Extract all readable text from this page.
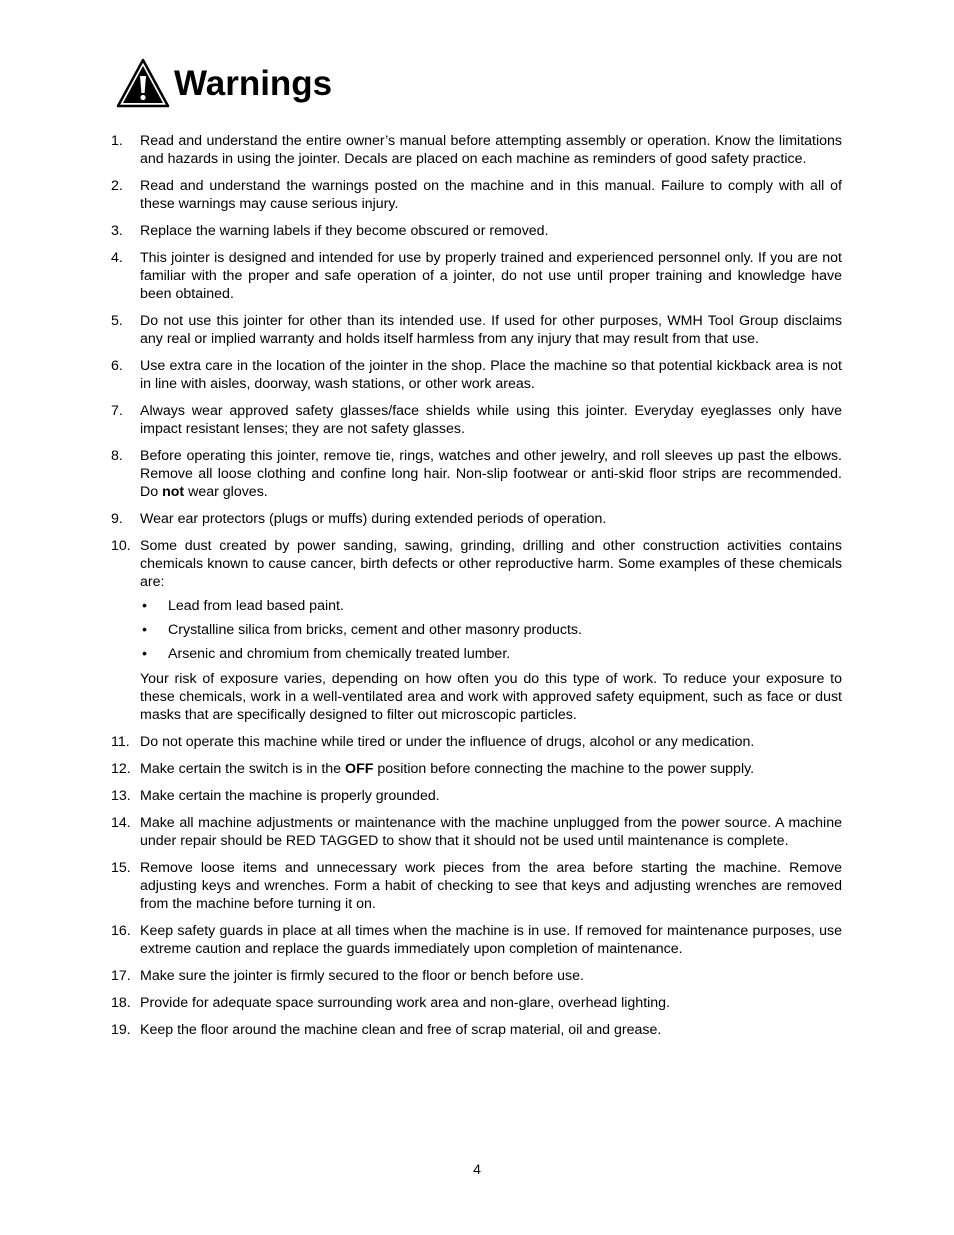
Warnings
1. Read and understand the entire owner’s manual before attempting assembly or operation. Know the limitations and hazards in using the jointer. Decals are placed on each machine as reminders of good safety practice.
2. Read and understand the warnings posted on the machine and in this manual. Failure to comply with all of these warnings may cause serious injury.
3. Replace the warning labels if they become obscured or removed.
4. This jointer is designed and intended for use by properly trained and experienced personnel only. If you are not familiar with the proper and safe operation of a jointer, do not use until proper training and knowledge have been obtained.
5. Do not use this jointer for other than its intended use. If used for other purposes, WMH Tool Group disclaims any real or implied warranty and holds itself harmless from any injury that may result from that use.
6. Use extra care in the location of the jointer in the shop. Place the machine so that potential kickback area is not in line with aisles, doorway, wash stations, or other work areas.
7. Always wear approved safety glasses/face shields while using this jointer. Everyday eyeglasses only have impact resistant lenses; they are not safety glasses.
8. Before operating this jointer, remove tie, rings, watches and other jewelry, and roll sleeves up past the elbows. Remove all loose clothing and confine long hair. Non-slip footwear or anti-skid floor strips are recommended. Do not wear gloves.
9. Wear ear protectors (plugs or muffs) during extended periods of operation.
10. Some dust created by power sanding, sawing, grinding, drilling and other construction activities contains chemicals known to cause cancer, birth defects or other reproductive harm. Some examples of these chemicals are:
• Lead from lead based paint.
• Crystalline silica from bricks, cement and other masonry products.
• Arsenic and chromium from chemically treated lumber.
Your risk of exposure varies, depending on how often you do this type of work. To reduce your exposure to these chemicals, work in a well-ventilated area and work with approved safety equipment, such as face or dust masks that are specifically designed to filter out microscopic particles.
11. Do not operate this machine while tired or under the influence of drugs, alcohol or any medication.
12. Make certain the switch is in the OFF position before connecting the machine to the power supply.
13. Make certain the machine is properly grounded.
14. Make all machine adjustments or maintenance with the machine unplugged from the power source. A machine under repair should be RED TAGGED to show that it should not be used until maintenance is complete.
15. Remove loose items and unnecessary work pieces from the area before starting the machine. Remove adjusting keys and wrenches. Form a habit of checking to see that keys and adjusting wrenches are removed from the machine before turning it on.
16. Keep safety guards in place at all times when the machine is in use. If removed for maintenance purposes, use extreme caution and replace the guards immediately upon completion of maintenance.
17. Make sure the jointer is firmly secured to the floor or bench before use.
18. Provide for adequate space surrounding work area and non-glare, overhead lighting.
19. Keep the floor around the machine clean and free of scrap material, oil and grease.
4
